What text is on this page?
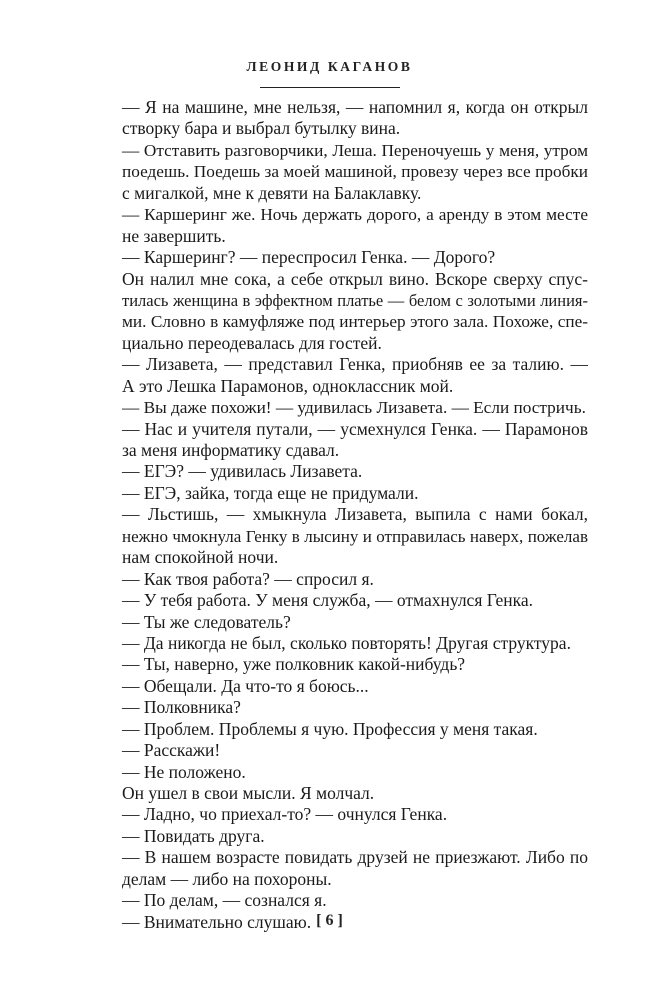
ЛЕОНИД КАГАНОВ
— Я на машине, мне нельзя, — напомнил я, когда он открыл
створку бара и выбрал бутылку вина.
— Отставить разговорчики, Леша. Переночуешь у меня, утром
поедешь. Поедешь за моей машиной, провезу через все пробки
с мигалкой, мне к девяти на Балаклавку.
— Каршеринг же. Ночь держать дорого, а аренду в этом месте
не завершить.
— Каршеринг? — переспросил Генка. — Дорого?
Он налил мне сока, а себе открыл вино. Вскоре сверху спус-
тилась женщина в эффектном платье — белом с золотыми линия-
ми. Словно в камуфляже под интерьер этого зала. Похоже, спе-
циально переодевалась для гостей.
— Лизавета, — представил Генка, приобняв ее за талию. —
А это Лешка Парамонов, одноклассник мой.
— Вы даже похожи! — удивилась Лизавета. — Если постричь.
— Нас и учителя путали, — усмехнулся Генка. — Парамонов
за меня информатику сдавал.
— ЕГЭ? — удивилась Лизавета.
— ЕГЭ, зайка, тогда еще не придумали.
— Льстишь, — хмыкнула Лизавета, выпила с нами бокал,
нежно чмокнула Генку в лысину и отправилась наверх, пожелав
нам спокойной ночи.
— Как твоя работа? — спросил я.
— У тебя работа. У меня служба, — отмахнулся Генка.
— Ты же следователь?
— Да никогда не был, сколько повторять! Другая структура.
— Ты, наверно, уже полковник какой-нибудь?
— Обещали. Да что-то я боюсь...
— Полковника?
— Проблем. Проблемы я чую. Профессия у меня такая.
— Расскажи!
— Не положено.
Он ушел в свои мысли. Я молчал.
— Ладно, чо приехал-то? — очнулся Генка.
— Повидать друга.
— В нашем возрасте повидать друзей не приезжают. Либо по
делам — либо на похороны.
— По делам, — сознался я.
— Внимательно слушаю. [ 6 ]
